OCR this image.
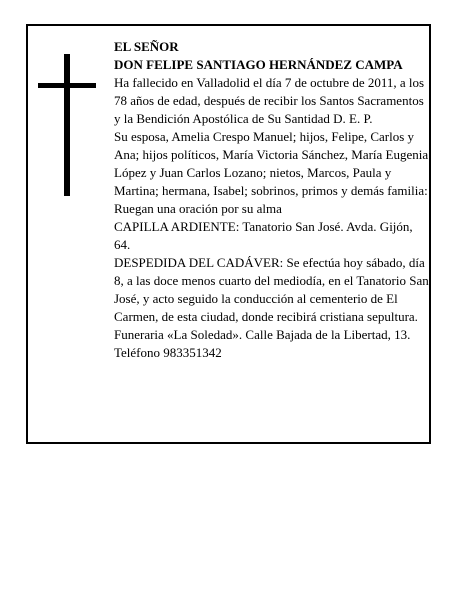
EL SEÑOR

DON FELIPE SANTIAGO HERNÁNDEZ CAMPA

Ha fallecido en Valladolid el día 7 de octubre de 2011, a los 78 años de edad, después de recibir los Santos Sacramentos y la Bendición Apostólica de Su Santidad D. E. P.

Su esposa, Amelia Crespo Manuel; hijos, Felipe, Carlos y Ana; hijos políticos, María Victoria Sánchez, María Eugenia López y Juan Carlos Lozano; nietos, Marcos, Paula y Martina; hermana, Isabel; sobrinos, primos y demás familia:

Ruegan una oración por su alma

CAPILLA ARDIENTE: Tanatorio San José. Avda. Gijón, 64.

DESPEDIDA DEL CADÁVER: Se efectúa hoy sábado, día 8, a las doce menos cuarto del mediodía, en el Tanatorio San José, y acto seguido la conducción al cementerio de El Carmen, de esta ciudad, donde recibirá cristiana sepultura.

Funeraria «La Soledad». Calle Bajada de la Libertad, 13. Teléfono 983351342
